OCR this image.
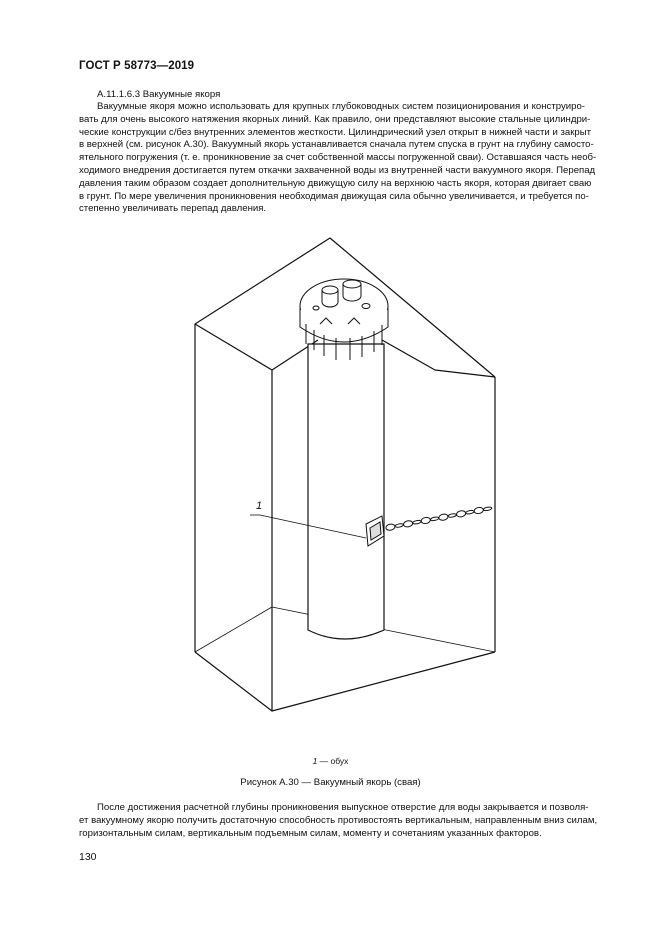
ГОСТ Р 58773—2019
А.11.1.6.3 Вакуумные якоря
Вакуумные якоря можно использовать для крупных глубоководных систем позиционирования и конструиро-
вать для очень высокого натяжения якорных линий. Как правило, они представляют высокие стальные цилиндри-
ческие конструкции с/без внутренних элементов жесткости. Цилиндрический узел открыт в нижней части и закрыт
в верхней (см. рисунок А.30). Вакуумный якорь устанавливается сначала путем спуска в грунт на глубину самосто-
ятельного погружения (т. е. проникновение за счет собственной массы погруженной сваи). Оставшаяся часть необ-
ходимого внедрения достигается путем откачки захваченной воды из внутренней части вакуумного якоря. Перепад
давления таким образом создает дополнительную движущую силу на верхнюю часть якоря, которая двигает сваю
в грунт. По мере увеличения проникновения необходимая движущая сила обычно увеличивается, и требуется по-
степенно увеличивать перепад давления.
1
1 — обух
Рисунок А.30 — Вакуумный якорь (свая)
После достижения расчетной глубины проникновения выпускное отверстие для воды закрывается и позволя-
ет вакуумному якорю получить достаточную способность противостоять вертикальным, направленным вниз силам,
горизонтальным силам, вертикальным подъемным силам, моменту и сочетаниям указанных факторов.
130
